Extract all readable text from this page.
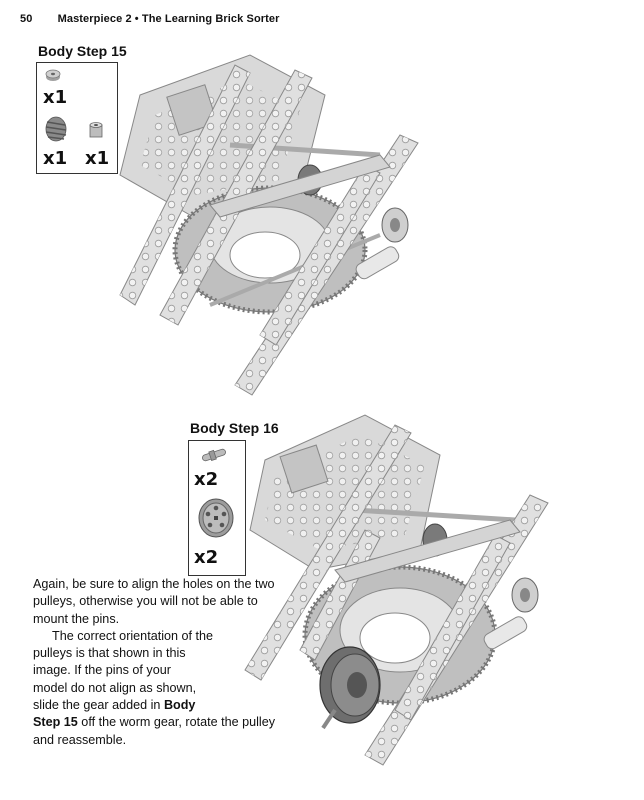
50 Masterpiece 2 • The Learning Brick Sorter
Body Step 15
x1
x1 x1
Body Step 16
x2
x2

Again, be sure to align the holes on the two pulleys, otherwise you will not be able to mount the pins.

The correct orientation of the
pulleys is that shown in this
image. If the pins of your
model do not align as shown,
slide the gear added in Body
Step 15 off the worm gear, rotate the pulley and reassemble.
